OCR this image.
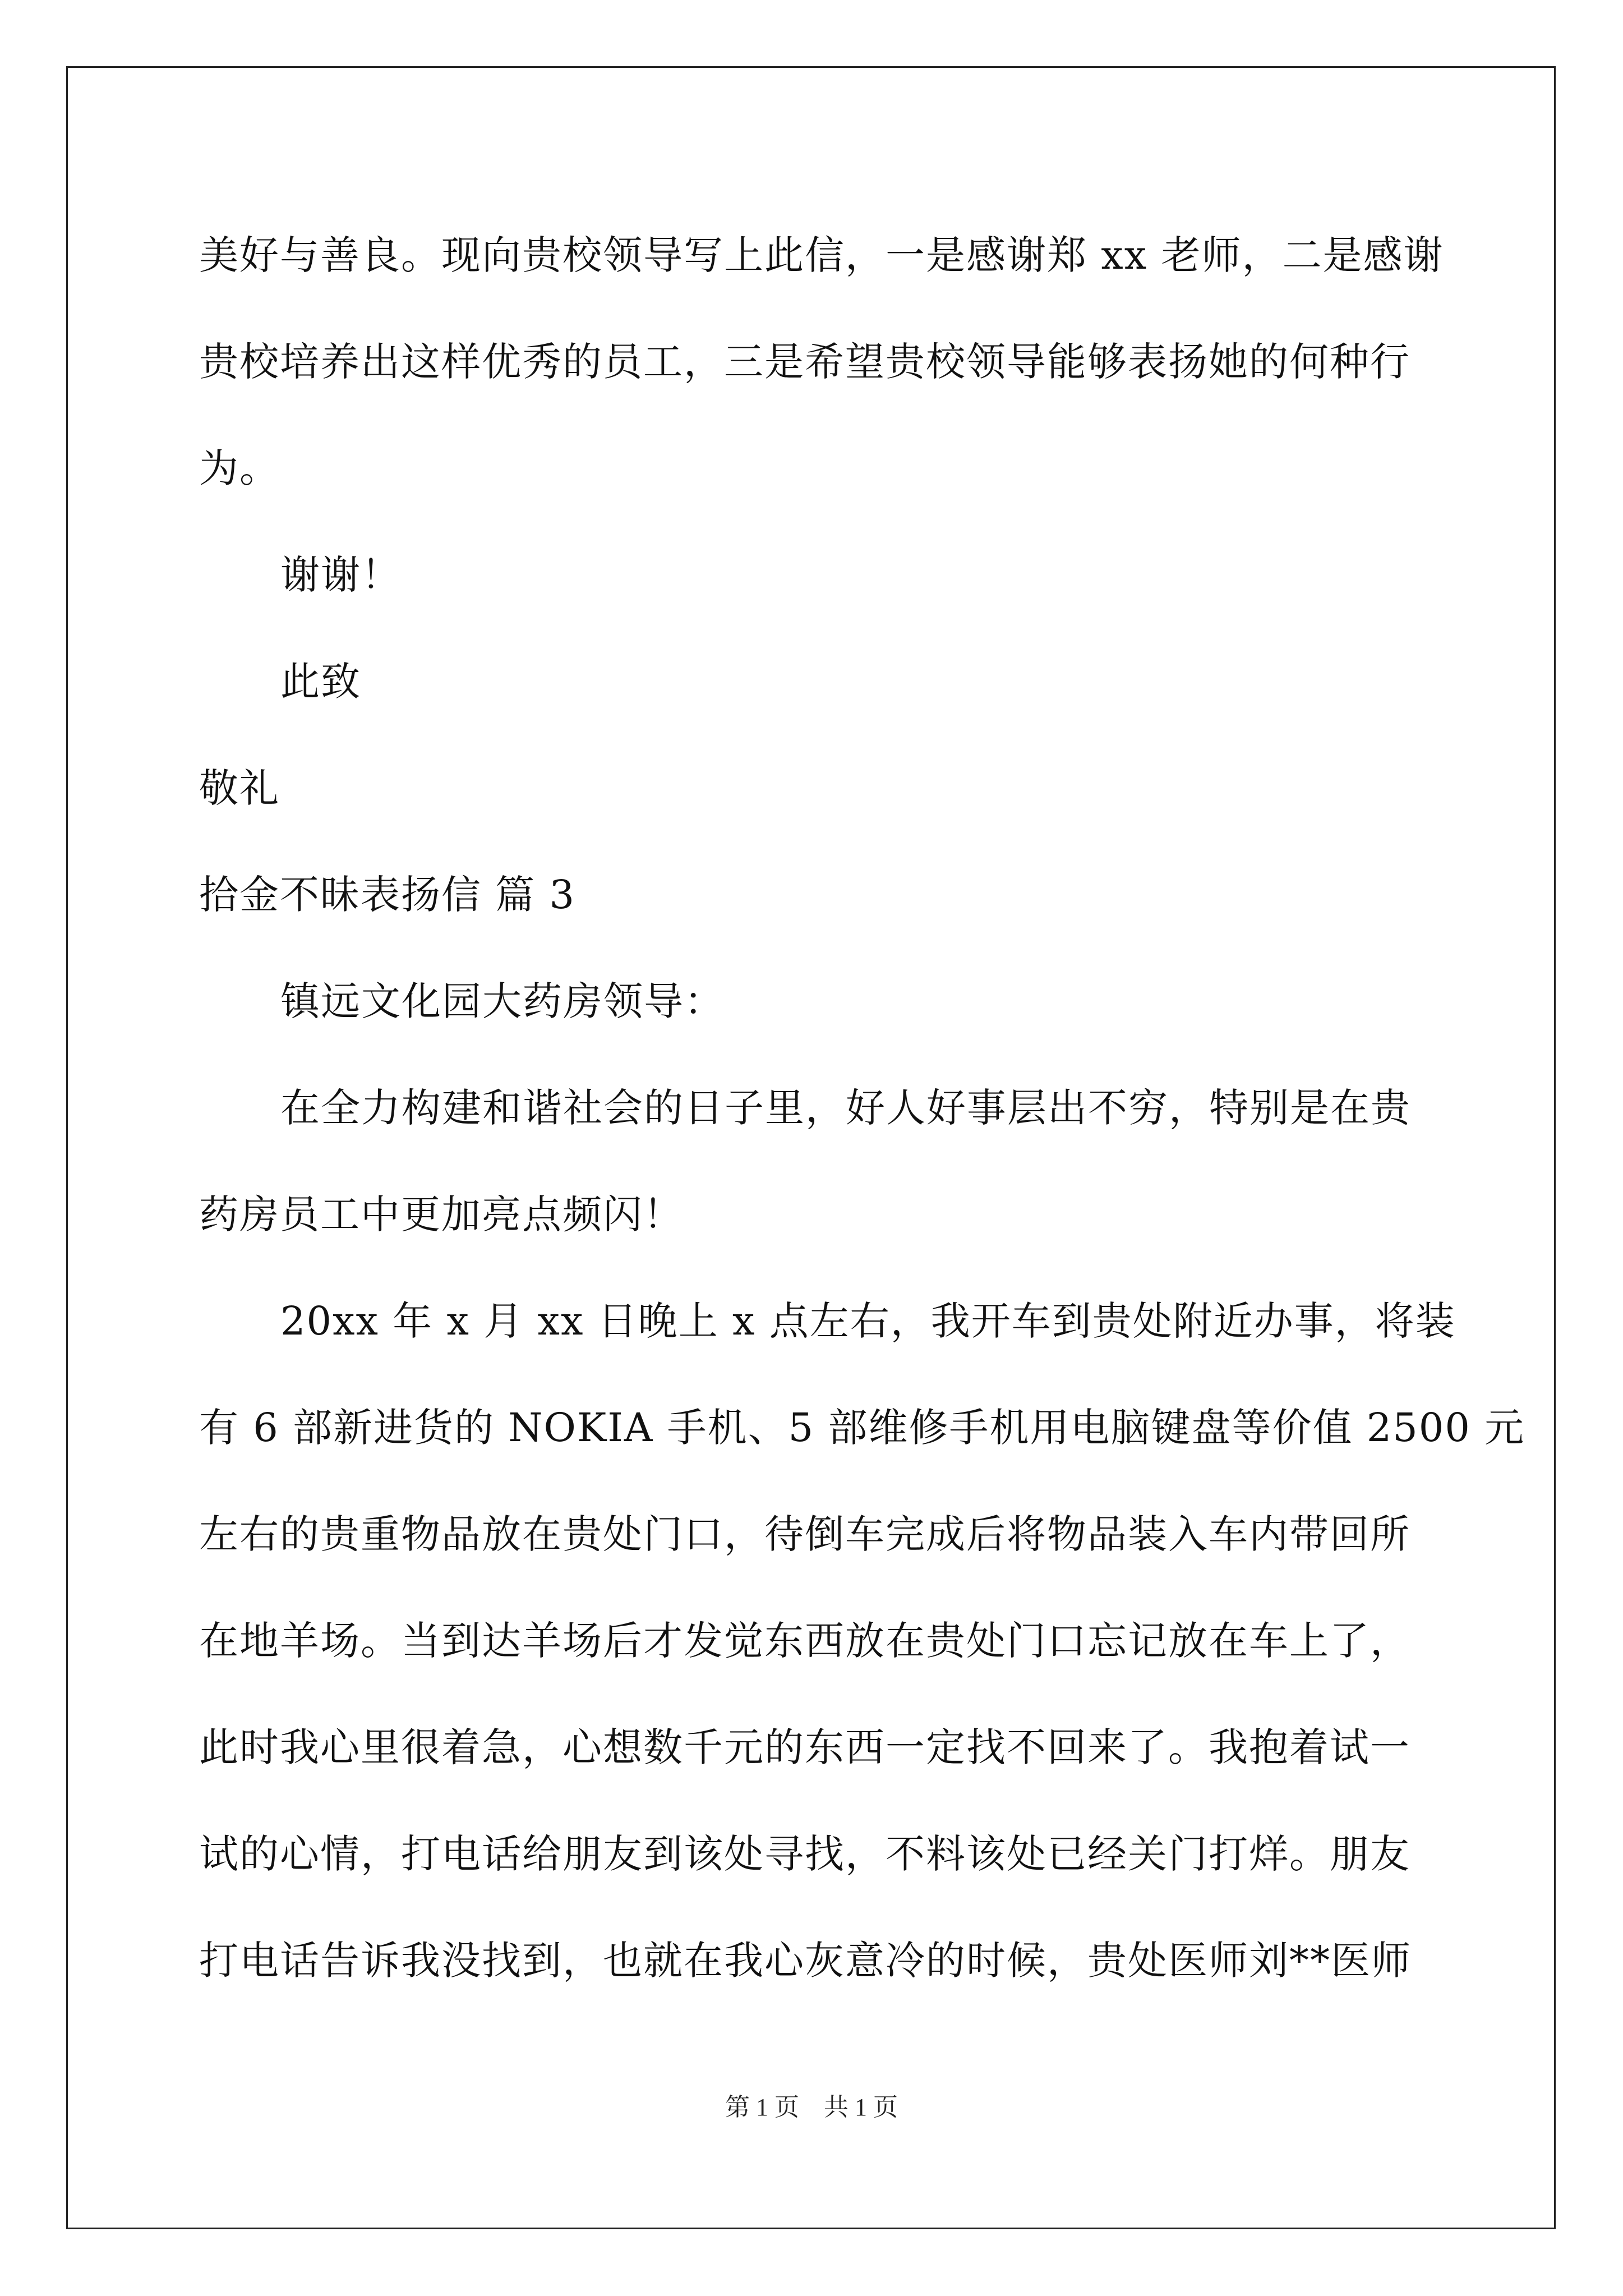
美好与善良。现向贵校领导写上此信，一是感谢郑 xx 老师，二是感谢
贵校培养出这样优秀的员工，三是希望贵校领导能够表扬她的何种行
为。
谢谢！
此致
敬礼
拾金不昧表扬信 篇 3
镇远文化园大药房领导：
在全力构建和谐社会的日子里，好人好事层出不穷，特别是在贵
药房员工中更加亮点频闪！
20xx 年 x 月 xx 日晚上 x 点左右，我开车到贵处附近办事，将装
有 6 部新进货的 NOKIA 手机、5 部维修手机用电脑键盘等价值 2500 元
左右的贵重物品放在贵处门口，待倒车完成后将物品装入车内带回所
在地羊场。当到达羊场后才发觉东西放在贵处门口忘记放在车上了，
此时我心里很着急，心想数千元的东西一定找不回来了。我抱着试一
试的心情，打电话给朋友到该处寻找，不料该处已经关门打烊。朋友
打电话告诉我没找到，也就在我心灰意冷的时候，贵处医师刘**医师
第 1 页　共 1 页
